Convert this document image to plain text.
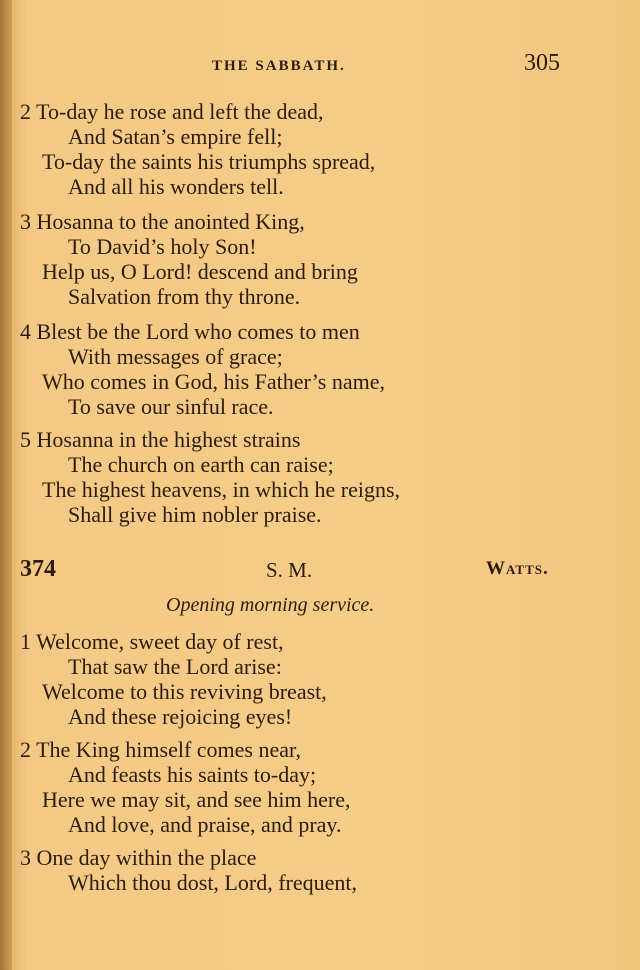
THE SABBATH.	305
2 To-day he rose and left the dead,
And Satan’s empire fell;
To-day the saints his triumphs spread,
And all his wonders tell.
3 Hosanna to the anointed King,
To David’s holy Son!
Help us, O Lord! descend and bring
Salvation from thy throne.
4 Blest be the Lord who comes to men
With messages of grace;
Who comes in God, his Father’s name,
To save our sinful race.
5 Hosanna in the highest strains
The church on earth can raise;
The highest heavens, in which he reigns,
Shall give him nobler praise.
374	S. M.	Watts.
Opening morning service.
1 Welcome, sweet day of rest,
That saw the Lord arise:
Welcome to this reviving breast,
And these rejoicing eyes!
2 The King himself comes near,
And feasts his saints to-day;
Here we may sit, and see him here,
And love, and praise, and pray.
3 One day within the place
Which thou dost, Lord, frequent,
